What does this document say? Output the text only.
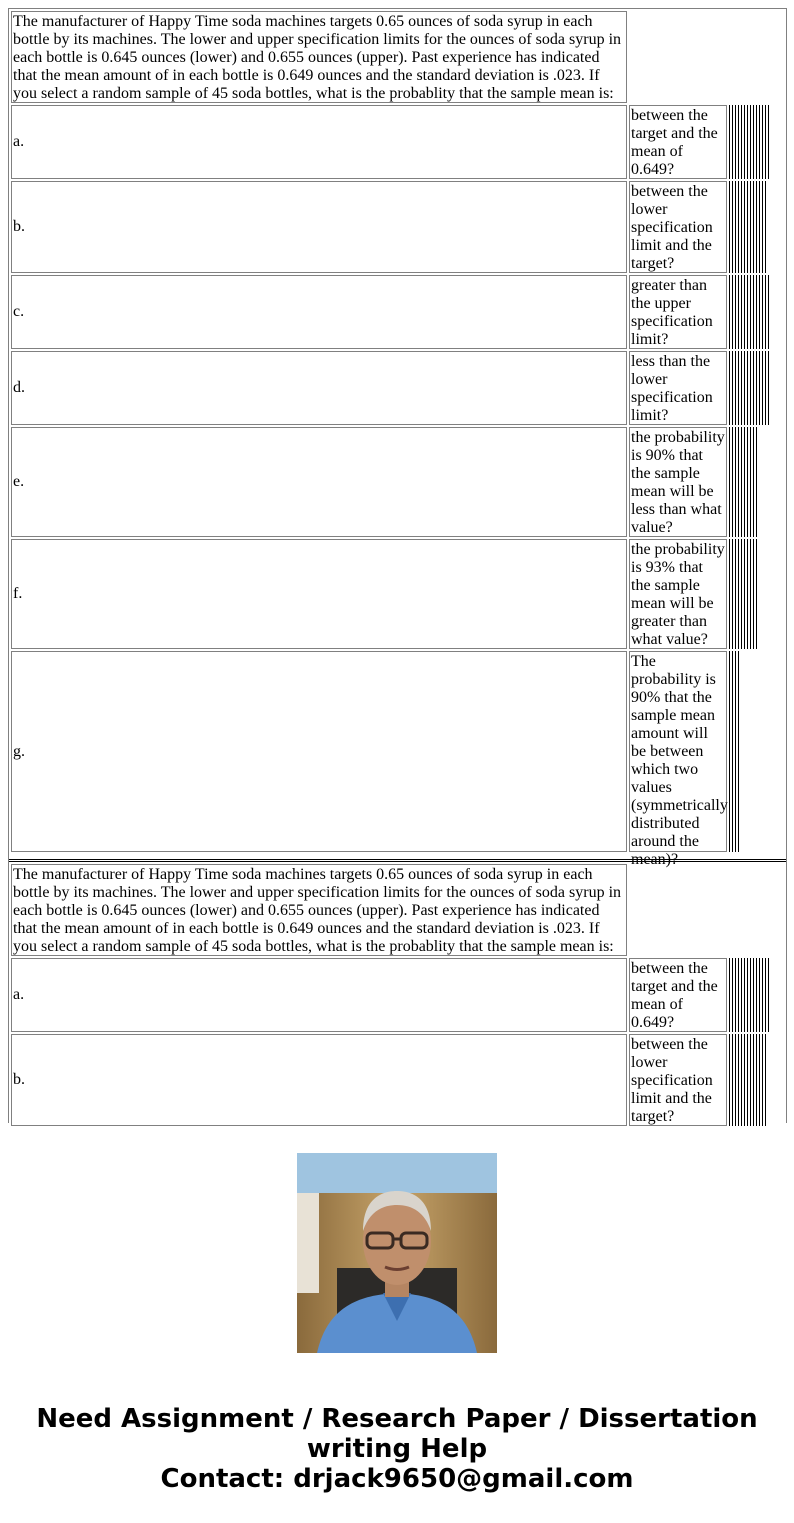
The manufacturer of Happy Time soda machines targets 0.65 ounces of soda syrup in each bottle by its machines. The lower and upper specification limits for the ounces of soda syrup in each bottle is 0.645 ounces (lower) and 0.655 ounces (upper). Past experience has indicated that the mean amount of in each bottle is 0.649 ounces and the standard deviation is .023. If you select a random sample of 45 soda bottles, what is the probablity that the sample mean is:
a.
between the target and the mean of 0.649?
b.
between the lower specification limit and the target?
c.
greater than the upper specification limit?
d.
less than the lower specification limit?
e.
the probability is 90% that the sample mean will be less than what value?
f.
the probability is 93% that the sample mean will be greater than what value?
g.
The probability is 90% that the sample mean amount will be between which two values (symmetrically distributed around the mean)?
The manufacturer of Happy Time soda machines targets 0.65 ounces of soda syrup in each bottle by its machines. The lower and upper specification limits for the ounces of soda syrup in each bottle is 0.645 ounces (lower) and 0.655 ounces (upper). Past experience has indicated that the mean amount of in each bottle is 0.649 ounces and the standard deviation is .023. If you select a random sample of 45 soda bottles, what is the probablity that the sample mean is:
a.
between the target and the mean of 0.649?
b.
between the lower specification limit and the target?
Need Assignment / Research Paper / Dissertation
writing Help
Contact: drjack9650@gmail.com
